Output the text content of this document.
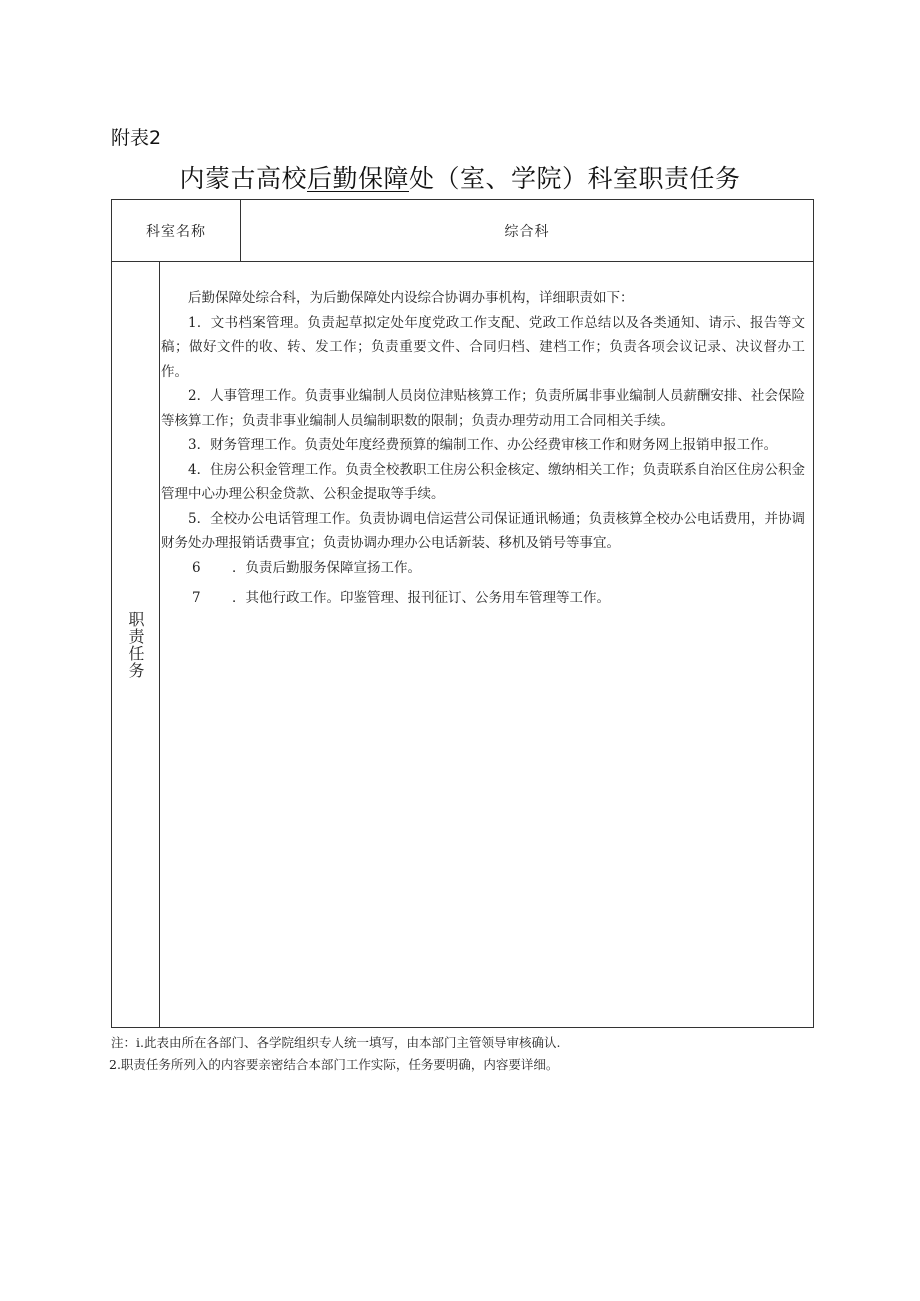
附表2
内蒙古高校后勤保障处（室、学院）科室职责任务
科室名称	综合科
职责任务

后勤保障处综合科，为后勤保障处内设综合协调办事机构，详细职责如下：

1．文书档案管理。负责起草拟定处年度党政工作支配、党政工作总结以及各类通知、请示、报告等文稿；做好文件的收、转、发工作；负责重要文件、合同归档、建档工作；负责各项会议记录、决议督办工作。

2．人事管理工作。负责事业编制人员岗位津贴核算工作；负责所属非事业编制人员薪酬安排、社会保险等核算工作；负责非事业编制人员编制职数的限制；负责办理劳动用工合同相关手续。

3．财务管理工作。负责处年度经费预算的编制工作、办公经费审核工作和财务网上报销申报工作。

4．住房公积金管理工作。负责全校教职工住房公积金核定、缴纳相关工作；负责联系自治区住房公积金管理中心办理公积金贷款、公积金提取等手续。

5．全校办公电话管理工作。负责协调电信运营公司保证通讯畅通；负责核算全校办公电话费用，并协调财务处办理报销话费事宜；负责协调办理办公电话新装、移机及销号等事宜。

6	．负责后勤服务保障宣扬工作。

7	．其他行政工作。印鉴管理、报刊征订、公务用车管理等工作。

注：i.此表由所在各部门、各学院组织专人统一填写，由本部门主管领导审核确认.
2.职责任务所列入的内容要亲密结合本部门工作实际，任务要明确，内容要详细。
